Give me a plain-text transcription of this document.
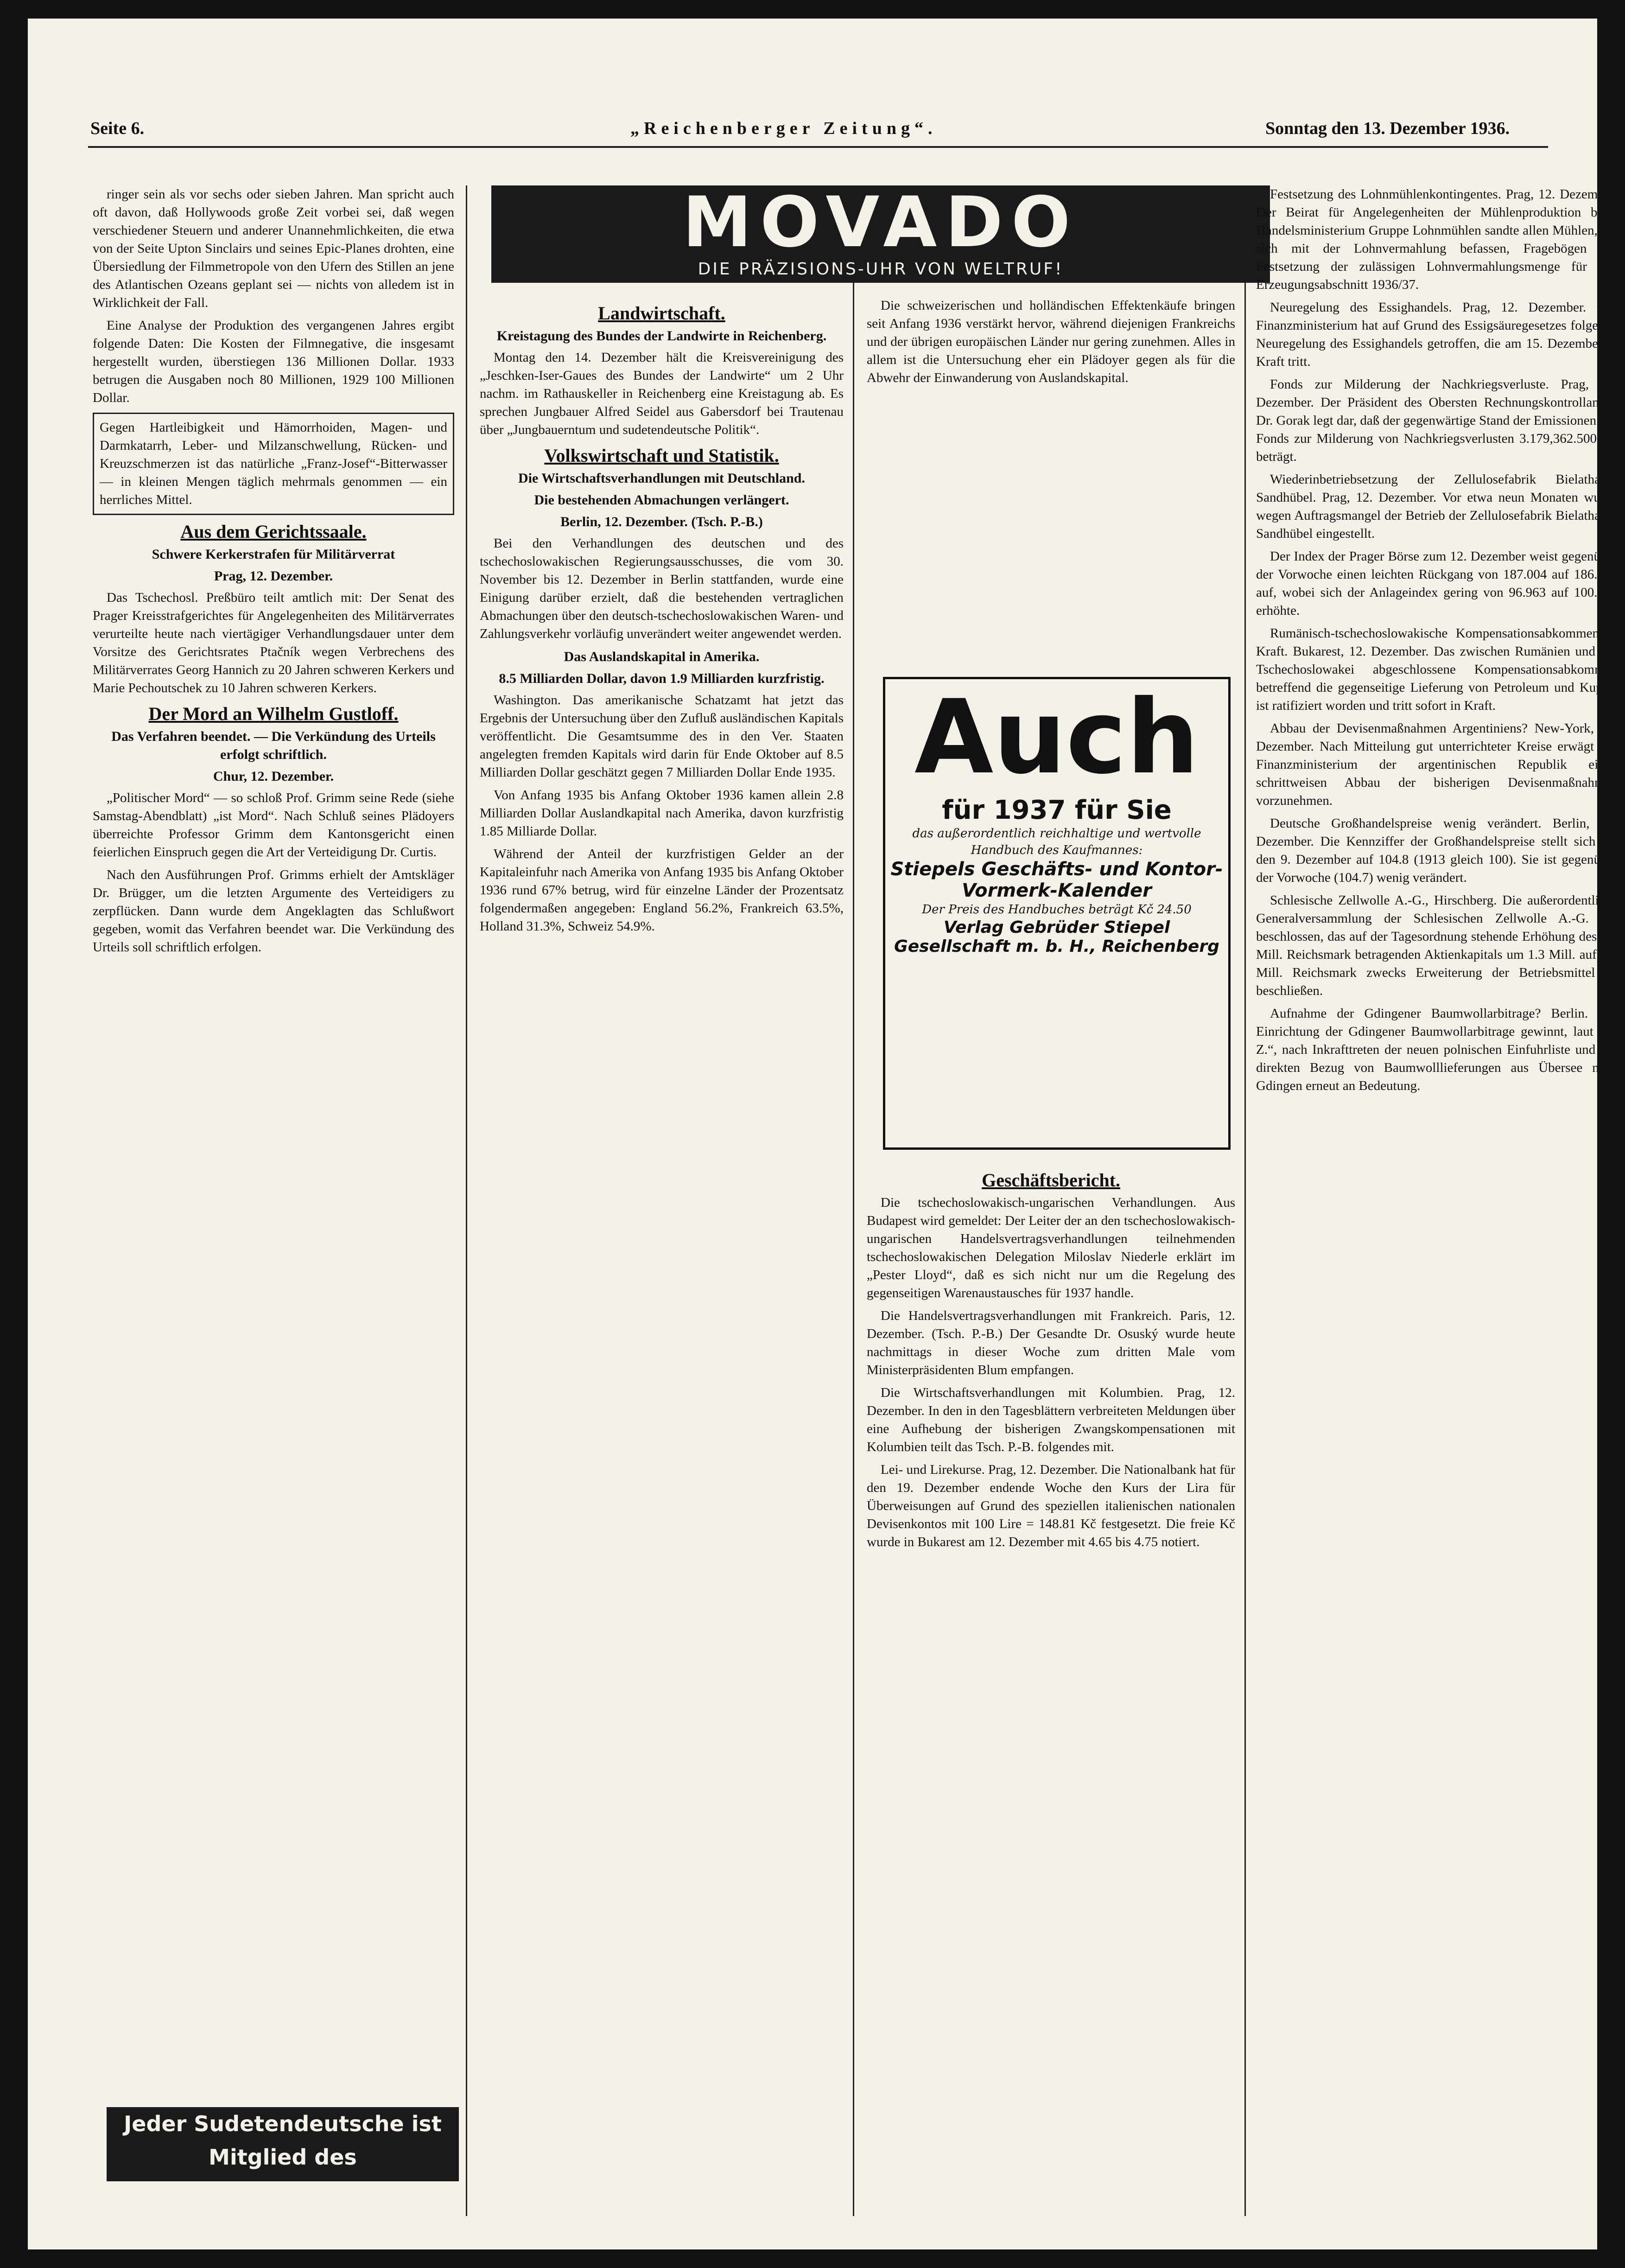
Seite 6.	„Reichenberger Zeitung“.	Sonntag den 13. Dezember 1936.

ringer sein als vor sechs oder sieben Jahren. Man spricht auch oft davon, daß Hollywoods große Zeit vorbei sei, daß wegen verschiedener Steuern und anderer Unannehmlichkeiten, die etwa von der Seite Upton Sinclairs und seines Epic-Planes drohten, eine Übersiedlung der Filmmetropole von den Ufern des Stillen an jene des Atlantischen Ozeans geplant sei — nichts von alledem ist in Wirklichkeit der Fall.

Eine Analyse der Produktion des vergangenen Jahres ergibt folgende Daten: Die Kosten der Filmnegative, die insgesamt hergestellt wurden, überstiegen 136 Millionen Dollar. 1933 betrugen die Ausgaben noch 80 Millionen, 1929 100 Millionen Dollar.

Gegen Hartleibigkeit und Hämorrhoiden, Magen- und Darmkatarrh, Leber- und Milzanschwellung, Rücken- und Kreuzschmerzen ist das natürliche „Franz-Josef“-Bitterwasser — in kleinen Mengen täglich mehrmals genommen — ein herrliches Mittel.
Aus dem Gerichtssaale.
Schwere Kerkerstrafen für Militärverrat
Prag, 12. Dezember.

Das Tschechosl. Preßbüro teilt amtlich mit: Der Senat des Prager Kreisstrafgerichtes für Angelegenheiten des Militärverrates verurteilte heute nach viertägiger Verhandlungsdauer unter dem Vorsitze des Gerichtsrates Ptačník wegen Verbrechens des Militärverrates Georg Hannich zu 20 Jahren schweren Kerkers und Marie Pechoutschek zu 10 Jahren schweren Kerkers.

Der Mord an Wilhelm Gustloff.
Das Verfahren beendet. — Die Verkündung des Urteils erfolgt schriftlich.
Chur, 12. Dezember.

„Politischer Mord“ — so schloß Prof. Grimm seine Rede (siehe Samstag-Abendblatt) „ist Mord“. Nach Schluß seines Plädoyers überreichte Professor Grimm dem Kantonsgericht einen feierlichen Einspruch gegen die Art der Verteidigung Dr. Curtis.

Nach den Ausführungen Prof. Grimms erhielt der Amtskläger Dr. Brügger, um die letzten Argumente des Verteidigers zu zerpflücken. Dann wurde dem Angeklagten das Schlußwort gegeben, womit das Verfahren beendet war. Die Verkündung des Urteils soll schriftlich erfolgen.

Jeder Sudetendeutsche ist Mitglied des Kulturverbandes!
MOVADO
DIE PRÄZISIONS-UHR VON WELTRUF!
Landwirtschaft.
Kreistagung des Bundes der Landwirte in Reichenberg.

Montag den 14. Dezember hält die Kreisvereinigung des „Jeschken-Iser-Gaues des Bundes der Landwirte“ um 2 Uhr nachm. im Rathauskeller in Reichenberg eine Kreistagung ab. Es sprechen Jungbauer Alfred Seidel aus Gabersdorf bei Trautenau über „Jungbauerntum und sudetendeutsche Politik“.

Volkswirtschaft und Statistik.
Die Wirtschaftsverhandlungen mit Deutschland.
Die bestehenden Abmachungen verlängert.
Berlin, 12. Dezember. (Tsch. P.-B.)

Bei den Verhandlungen des deutschen und des tschechoslowakischen Regierungsausschusses, die vom 30. November bis 12. Dezember in Berlin stattfanden, wurde eine Einigung darüber erzielt, daß die bestehenden vertraglichen Abmachungen über den deutsch-tschechoslowakischen Waren- und Zahlungsverkehr vorläufig unverändert weiter angewendet werden.

Das Auslandskapital in Amerika.
8.5 Milliarden Dollar, davon 1.9 Milliarden kurzfristig.

Washington. Das amerikanische Schatzamt hat jetzt das Ergebnis der Untersuchung über den Zufluß ausländischen Kapitals veröffentlicht. Die Gesamtsumme des in den Ver. Staaten angelegten fremden Kapitals wird darin für Ende Oktober auf 8.5 Milliarden Dollar geschätzt gegen 7 Milliarden Dollar Ende 1935.

Von Anfang 1935 bis Anfang Oktober 1936 kamen allein 2.8 Milliarden Dollar Auslandkapital nach Amerika, davon kurzfristig 1.85 Milliarde Dollar.

Während der Anteil der kurzfristigen Gelder an der Kapitaleinfuhr nach Amerika von Anfang 1935 bis Anfang Oktober 1936 rund 67% betrug, wird für einzelne Länder der Prozentsatz folgendermaßen angegeben: England 56.2%, Frankreich 63.5%, Holland 31.3%, Schweiz 54.9%.

Die schweizerischen und holländischen Effektenkäufe bringen seit Anfang 1936 verstärkt hervor, während diejenigen Frankreichs und der übrigen europäischen Länder nur gering zunehmen. Alles in allem ist die Untersuchung eher ein Plädoyer gegen als für die Abwehr der Einwanderung von Auslandskapital.

Auch
für 1937 für Sie
das außerordentlich reichhaltige und wertvolle Handbuch des Kaufmannes:
Stiepels Geschäfts- und Kontor-Vormerk-Kalender
Der Preis des Handbuches beträgt Kč 24.50
Verlag Gebrüder Stiepel Gesellschaft m. b. H., Reichenberg
Geschäftsbericht.

Die tschechoslowakisch-ungarischen Verhandlungen. Aus Budapest wird gemeldet: Der Leiter der an den tschechoslowakisch-ungarischen Handelsvertragsverhandlungen teilnehmenden tschechoslowakischen Delegation Miloslav Niederle erklärt im „Pester Lloyd“, daß es sich nicht nur um die Regelung des gegenseitigen Warenaustausches für 1937 handle.

Die Handelsvertragsverhandlungen mit Frankreich. Paris, 12. Dezember. (Tsch. P.-B.) Der Gesandte Dr. Osuský wurde heute nachmittags in dieser Woche zum dritten Male vom Ministerpräsidenten Blum empfangen.

Die Wirtschaftsverhandlungen mit Kolumbien. Prag, 12. Dezember. In den in den Tagesblättern verbreiteten Meldungen über eine Aufhebung der bisherigen Zwangskompensationen mit Kolumbien teilt das Tsch. P.-B. folgendes mit.

Lei- und Lirekurse. Prag, 12. Dezember. Die Nationalbank hat für den 19. Dezember endende Woche den Kurs der Lira für Überweisungen auf Grund des speziellen italienischen nationalen Devisenkontos mit 100 Lire = 148.81 Kč festgesetzt. Die freie Kč wurde in Bukarest am 12. Dezember mit 4.65 bis 4.75 notiert.

Festsetzung des Lohnmühlenkontingentes. Prag, 12. Dezember. Der Beirat für Angelegenheiten der Mühlenproduktion beim Handelsministerium Gruppe Lohnmühlen sandte allen Mühlen, die sich mit der Lohnvermahlung befassen, Fragebögen zur Festsetzung der zulässigen Lohnvermahlungsmenge für den Erzeugungsabschnitt 1936/37.

Neuregelung des Essighandels. Prag, 12. Dezember. Das Finanzministerium hat auf Grund des Essigsäuregesetzes folgende Neuregelung des Essighandels getroffen, die am 15. Dezember in Kraft tritt.

Fonds zur Milderung der Nachkriegsverluste. Prag, 12. Dezember. Der Präsident des Obersten Rechnungskontrollamtes Dr. Gorak legt dar, daß der gegenwärtige Stand der Emissionen des Fonds zur Milderung von Nachkriegsverlusten 3.179,362.500 Kč beträgt.

Wiederinbetriebsetzung der Zellulosefabrik Bielathal—Sandhübel. Prag, 12. Dezember. Vor etwa neun Monaten wurde wegen Auftragsmangel der Betrieb der Zellulosefabrik Bielathal—Sandhübel eingestellt.

Der Index der Prager Börse zum 12. Dezember weist gegenüber der Vorwoche einen leichten Rückgang von 187.004 auf 186.414 auf, wobei sich der Anlageindex gering von 96.963 auf 100.108 erhöhte.

Rumänisch-tschechoslowakische Kompensationsabkommen in Kraft. Bukarest, 12. Dezember. Das zwischen Rumänien und der Tschechoslowakei abgeschlossene Kompensationsabkommen betreffend die gegenseitige Lieferung von Petroleum und Kupfer ist ratifiziert worden und tritt sofort in Kraft.

Abbau der Devisenmaßnahmen Argentiniens? New-York, 12. Dezember. Nach Mitteilung gut unterrichteter Kreise erwägt das Finanzministerium der argentinischen Republik einen schrittweisen Abbau der bisherigen Devisenmaßnahmen vorzunehmen.

Deutsche Großhandelspreise wenig verändert. Berlin, 12. Dezember. Die Kennziffer der Großhandelspreise stellt sich für den 9. Dezember auf 104.8 (1913 gleich 100). Sie ist gegenüber der Vorwoche (104.7) wenig verändert.

Schlesische Zellwolle A.-G., Hirschberg. Die außerordentliche Generalversammlung der Schlesischen Zellwolle A.-G. hat beschlossen, das auf der Tagesordnung stehende Erhöhung des 3.7 Mill. Reichsmark betragenden Aktienkapitals um 1.3 Mill. auf 5.0 Mill. Reichsmark zwecks Erweiterung der Betriebsmittel zu beschließen.

Aufnahme der Gdingener Baumwollarbitrage? Berlin. Die Einrichtung der Gdingener Baumwollarbitrage gewinnt, laut „B. Z.“, nach Inkrafttreten der neuen polnischen Einfuhrliste und der direkten Bezug von Baumwolllieferungen aus Übersee nach Gdingen erneut an Bedeutung.
